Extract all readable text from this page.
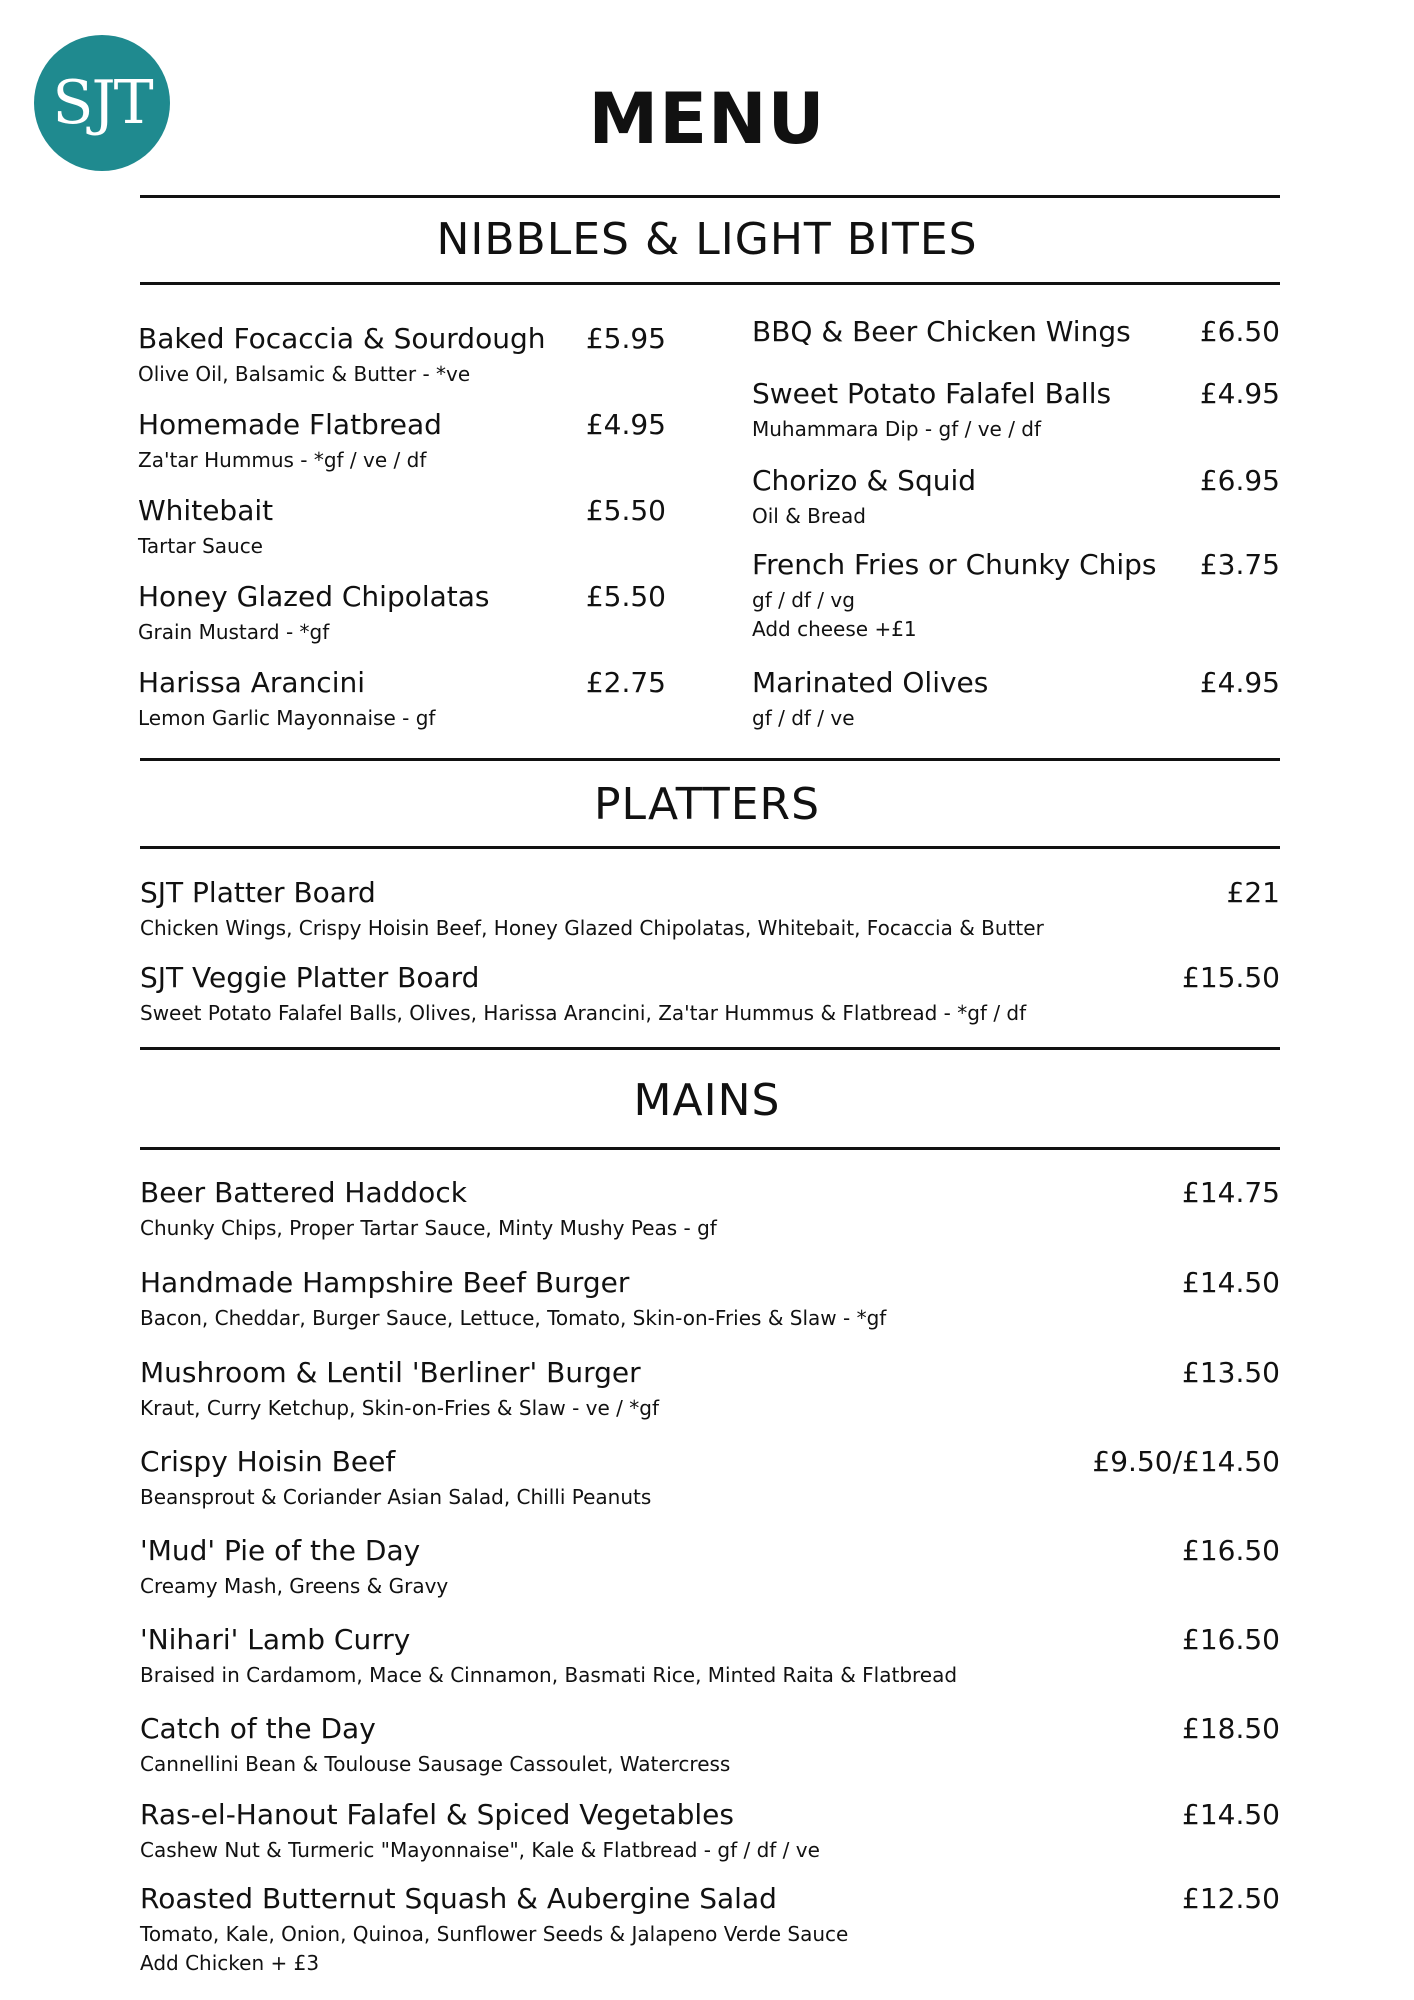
SJT	MENU
NIBBLES & LIGHT BITES
Baked Focaccia & Sourdough £5.95
Olive Oil, Balsamic & Butter - *ve
Homemade Flatbread	£4.95
Za'tar Hummus - *gf / ve / df
Whitebait	£5.50
Tartar Sauce
Honey Glazed Chipolatas	£5.50
Grain Mustard - *gf
Harissa Arancini	£2.75
Lemon Garlic Mayonnaise - gf
BBQ & Beer Chicken Wings £6.50
Sweet Potato Falafel Balls	£4.95
Muhammara Dip - gf / ve / df
Chorizo & Squid	£6.95
Oil & Bread
French Fries or Chunky Chips £3.75
gf / df / vg
Add cheese +£1
Marinated Olives	£4.95
gf / df / ve
PLATTERS
SJT Platter Board	£21
Chicken Wings, Crispy Hoisin Beef, Honey Glazed Chipolatas, Whitebait, Focaccia & Butter
SJT Veggie Platter Board	£15.50
Sweet Potato Falafel Balls, Olives, Harissa Arancini, Za'tar Hummus & Flatbread - *gf / df
MAINS
Beer Battered Haddock	£14.75
Chunky Chips, Proper Tartar Sauce, Minty Mushy Peas - gf
Handmade Hampshire Beef Burger	£14.50
Bacon, Cheddar, Burger Sauce, Lettuce, Tomato, Skin-on-Fries & Slaw - *gf
Mushroom & Lentil 'Berliner' Burger	£13.50
Kraut, Curry Ketchup, Skin-on-Fries & Slaw - ve / *gf
Crispy Hoisin Beef	£9.50/£14.50
Beansprout & Coriander Asian Salad, Chilli Peanuts
'Mud' Pie of the Day	£16.50
Creamy Mash, Greens & Gravy
'Nihari' Lamb Curry	£16.50
Braised in Cardamom, Mace & Cinnamon, Basmati Rice, Minted Raita & Flatbread
Catch of the Day	£18.50
Cannellini Bean & Toulouse Sausage Cassoulet, Watercress
Ras-el-Hanout Falafel & Spiced Vegetables	£14.50
Cashew Nut & Turmeric "Mayonnaise", Kale & Flatbread - gf / df / ve
Roasted Butternut Squash & Aubergine Salad	£12.50
Tomato, Kale, Onion, Quinoa, Sunflower Seeds & Jalapeno Verde Sauce
Add Chicken + £3
